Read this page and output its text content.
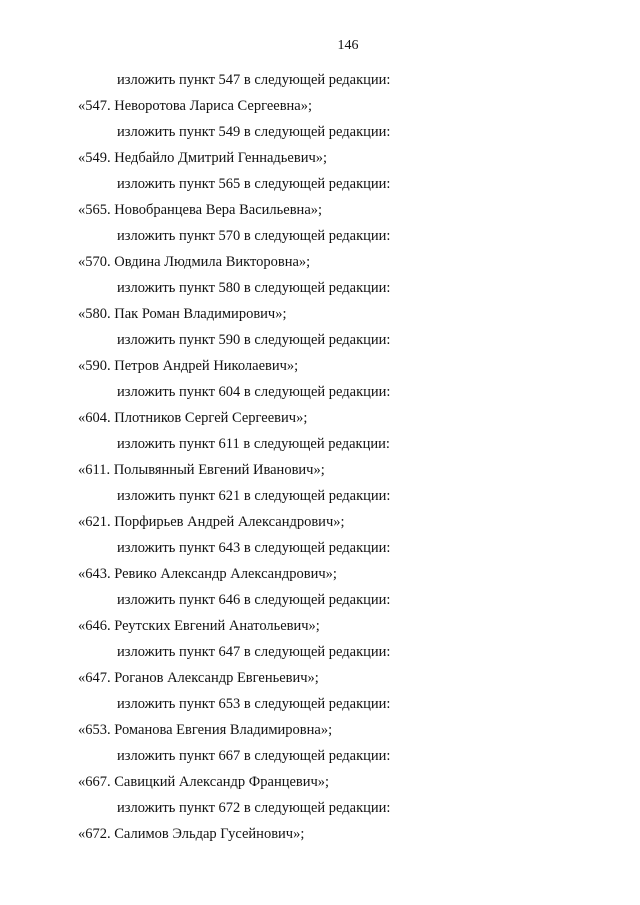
146
изложить пункт 547 в следующей редакции:
«547. Неворотова Лариса Сергеевна»;
изложить пункт 549 в следующей редакции:
«549. Недбайло Дмитрий Геннадьевич»;
изложить пункт 565 в следующей редакции:
«565. Новобранцева Вера Васильевна»;
изложить пункт 570 в следующей редакции:
«570. Овдина Людмила Викторовна»;
изложить пункт 580 в следующей редакции:
«580. Пак Роман Владимирович»;
изложить пункт 590 в следующей редакции:
«590. Петров Андрей Николаевич»;
изложить пункт 604 в следующей редакции:
«604. Плотников Сергей Сергеевич»;
изложить пункт 611 в следующей редакции:
«611. Полывянный Евгений Иванович»;
изложить пункт 621 в следующей редакции:
«621. Порфирьев Андрей Александрович»;
изложить пункт 643 в следующей редакции:
«643. Ревико Александр Александрович»;
изложить пункт 646 в следующей редакции:
«646. Реутских Евгений Анатольевич»;
изложить пункт 647 в следующей редакции:
«647. Роганов Александр Евгеньевич»;
изложить пункт 653 в следующей редакции:
«653. Романова Евгения Владимировна»;
изложить пункт 667 в следующей редакции:
«667. Савицкий Александр Францевич»;
изложить пункт 672 в следующей редакции:
«672. Салимов Эльдар Гусейнович»;
